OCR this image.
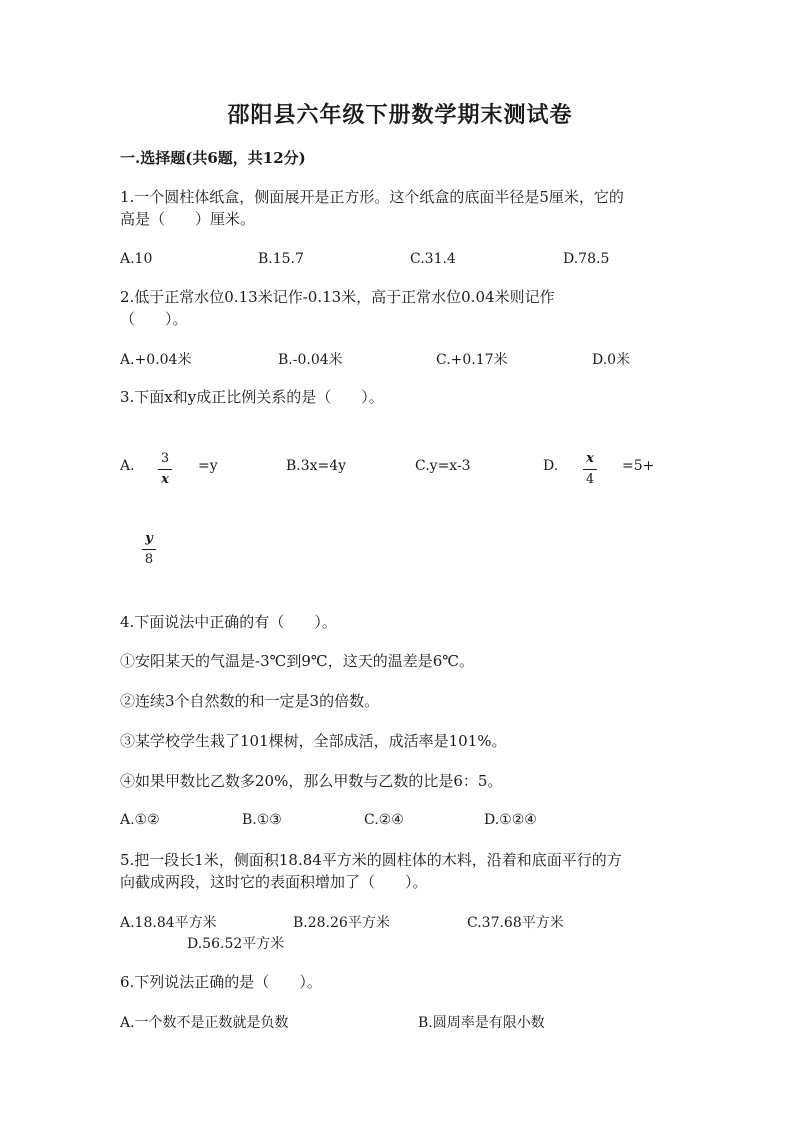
邵阳县六年级下册数学期末测试卷
一.选择题(共6题，共12分)
1.一个圆柱体纸盒，侧面展开是正方形。这个纸盒的底面半径是5厘米，它的
高是（　　）厘米。
A.10	B.15.7	C.31.4	D.78.5
2.低于正常水位0.13米记作-0.13米，高于正常水位0.04米则记作
（　　）。
A.+0.04米	B.-0.04米	C.+0.17米	D.0米
3.下面x和y成正比例关系的是（　　）。
A. 3
x
=y	B.3x=4y	C.y=x-3	D. x
4
=5+
y
8
4.下面说法中正确的有（　　）。
①安阳某天的气温是-3℃到9℃，这天的温差是6℃。
②连续3个自然数的和一定是3的倍数。
③某学校学生栽了101棵树，全部成活，成活率是101%。
④如果甲数比乙数多20%，那么甲数与乙数的比是6：5。
A.①②	B.①③	C.②④	D.①②④
5.把一段长1米，侧面积18.84平方米的圆柱体的木料，沿着和底面平行的方
向截成两段，这时它的表面积增加了（　　）。
A.18.84平方米	B.28.26平方米	C.37.68平方米
D.56.52平方米
6.下列说法正确的是（　　）。
A.一个数不是正数就是负数	B.圆周率是有限小数
